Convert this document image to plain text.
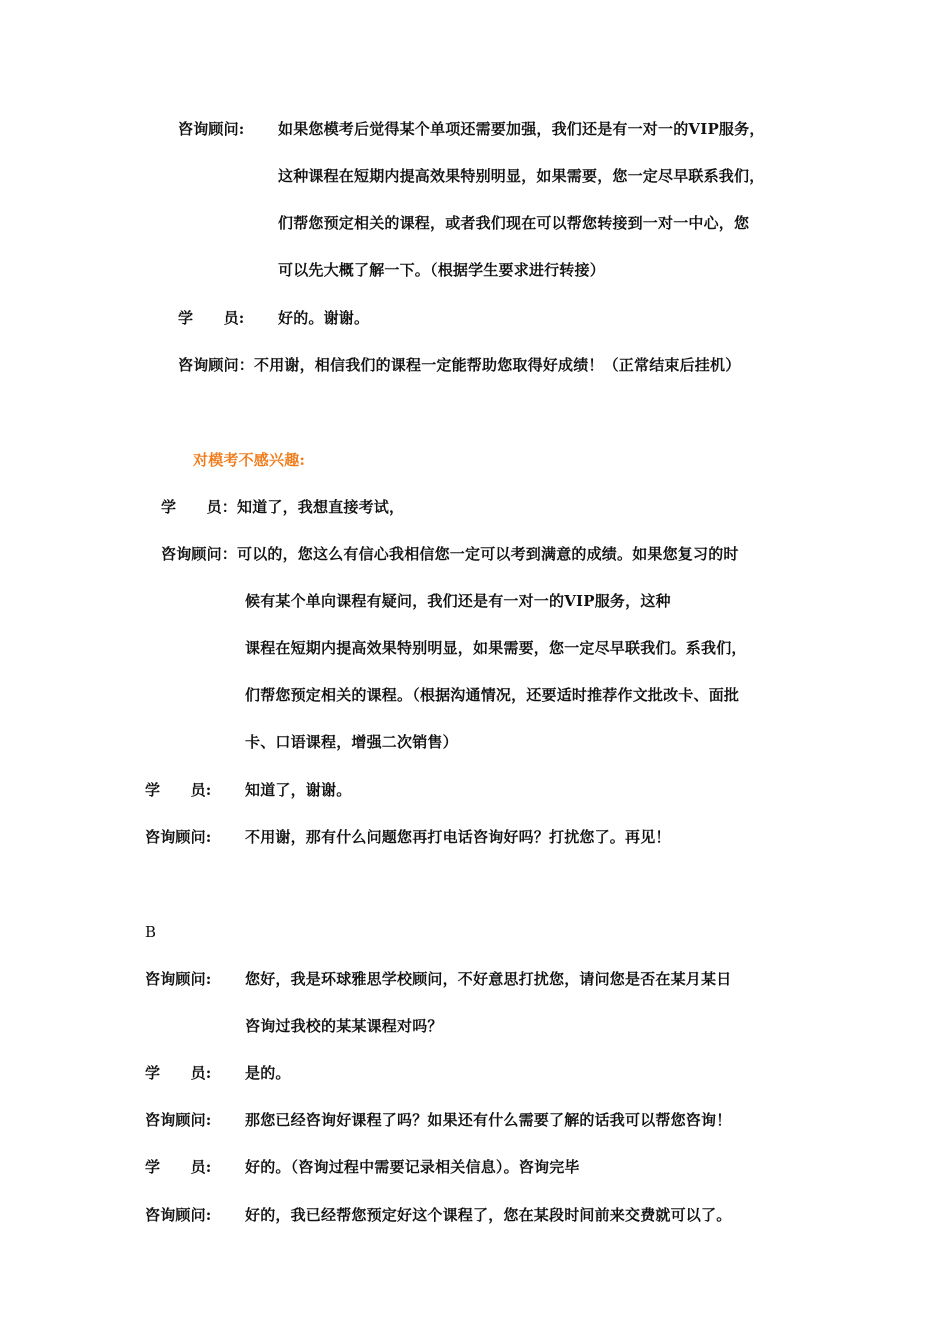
咨询顾问: 如果您模考后觉得某个单项还需要加强，我们还是有一对一的VIP服务，
这种课程在短期内提高效果特别明显，如果需要，您一定尽早联系我们，
们帮您预定相关的课程，或者我们现在可以帮您转接到一对一中心，您
可以先大概了解一下。（根据学生要求进行转接）
学　　员: 好的。谢谢。
咨询顾问：不用谢，相信我们的课程一定能帮助您取得好成绩！（正常结束后挂机）
对模考不感兴趣:
学　　员：知道了，我想直接考试，
咨询顾问：可以的，您这么有信心我相信您一定可以考到满意的成绩。如果您复习的时
候有某个单向课程有疑问，我们还是有一对一的VIP服务，这种
课程在短期内提高效果特别明显，如果需要，您一定尽早联我们。系我们，
们帮您预定相关的课程。（根据沟通情况，还要适时推荐作文批改卡、面批
卡、口语课程，增强二次销售）
学　　员: 知道了，谢谢。
咨询顾问: 不用谢，那有什么问题您再打电话咨询好吗？打扰您了。再见！
B
咨询顾问: 您好，我是环球雅思学校顾问，不好意思打扰您，请问您是否在某月某日
咨询过我校的某某课程对吗？
学　　员: 是的。
咨询顾问: 那您已经咨询好课程了吗？如果还有什么需要了解的话我可以帮您咨询！
学　　员: 好的。（咨询过程中需要记录相关信息）。咨询完毕
咨询顾问: 好的，我已经帮您预定好这个课程了，您在某段时间前来交费就可以了。
